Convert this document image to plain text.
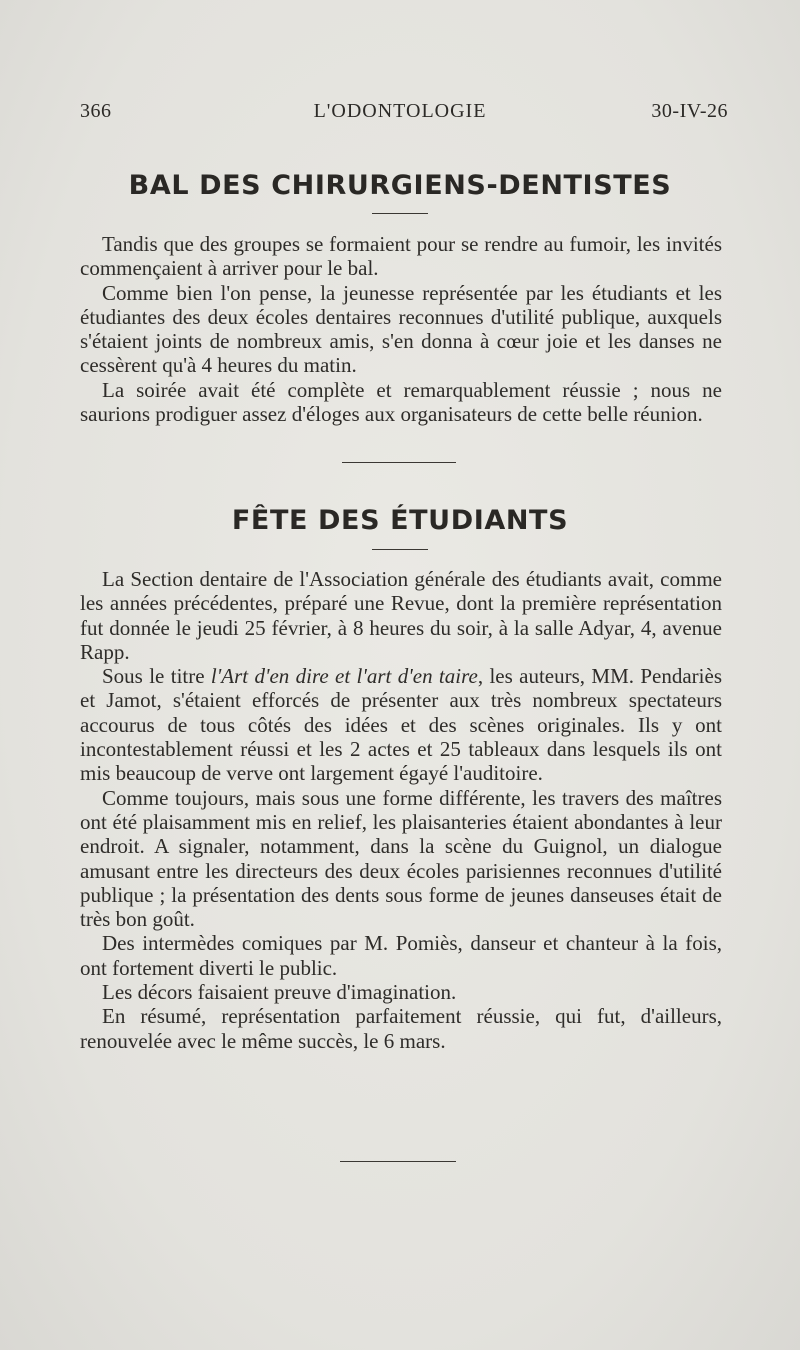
366	L'ODONTOLOGIE	30-IV-26
BAL DES CHIRURGIENS-DENTISTES

Tandis que des groupes se formaient pour se rendre au fumoir, les invités commençaient à arriver pour le bal.

Comme bien l'on pense, la jeunesse représentée par les étudiants et les étudiantes des deux écoles dentaires reconnues d'utilité publique, auxquels s'étaient joints de nombreux amis, s'en donna à cœur joie et les danses ne cessèrent qu'à 4 heures du matin.

La soirée avait été complète et remarquablement réussie ; nous ne saurions prodiguer assez d'éloges aux organisateurs de cette belle réunion.

FÊTE DES ÉTUDIANTS

La Section dentaire de l'Association générale des étudiants avait, comme les années précédentes, préparé une Revue, dont la première représentation fut donnée le jeudi 25 février, à 8 heures du soir, à la salle Adyar, 4, avenue Rapp.

Sous le titre l'Art d'en dire et l'art d'en taire, les auteurs, MM. Pendariès et Jamot, s'étaient efforcés de présenter aux très nombreux spectateurs accourus de tous côtés des idées et des scènes originales. Ils y ont incontestablement réussi et les 2 actes et 25 tableaux dans lesquels ils ont mis beaucoup de verve ont largement égayé l'auditoire.

Comme toujours, mais sous une forme différente, les travers des maîtres ont été plaisamment mis en relief, les plaisanteries étaient abondantes à leur endroit. A signaler, notamment, dans la scène du Guignol, un dialogue amusant entre les directeurs des deux écoles parisiennes reconnues d'utilité publique ; la présentation des dents sous forme de jeunes danseuses était de très bon goût.

Des intermèdes comiques par M. Pomiès, danseur et chanteur à la fois, ont fortement diverti le public.

Les décors faisaient preuve d'imagination.

En résumé, représentation parfaitement réussie, qui fut, d'ailleurs, renouvelée avec le même succès, le 6 mars.
